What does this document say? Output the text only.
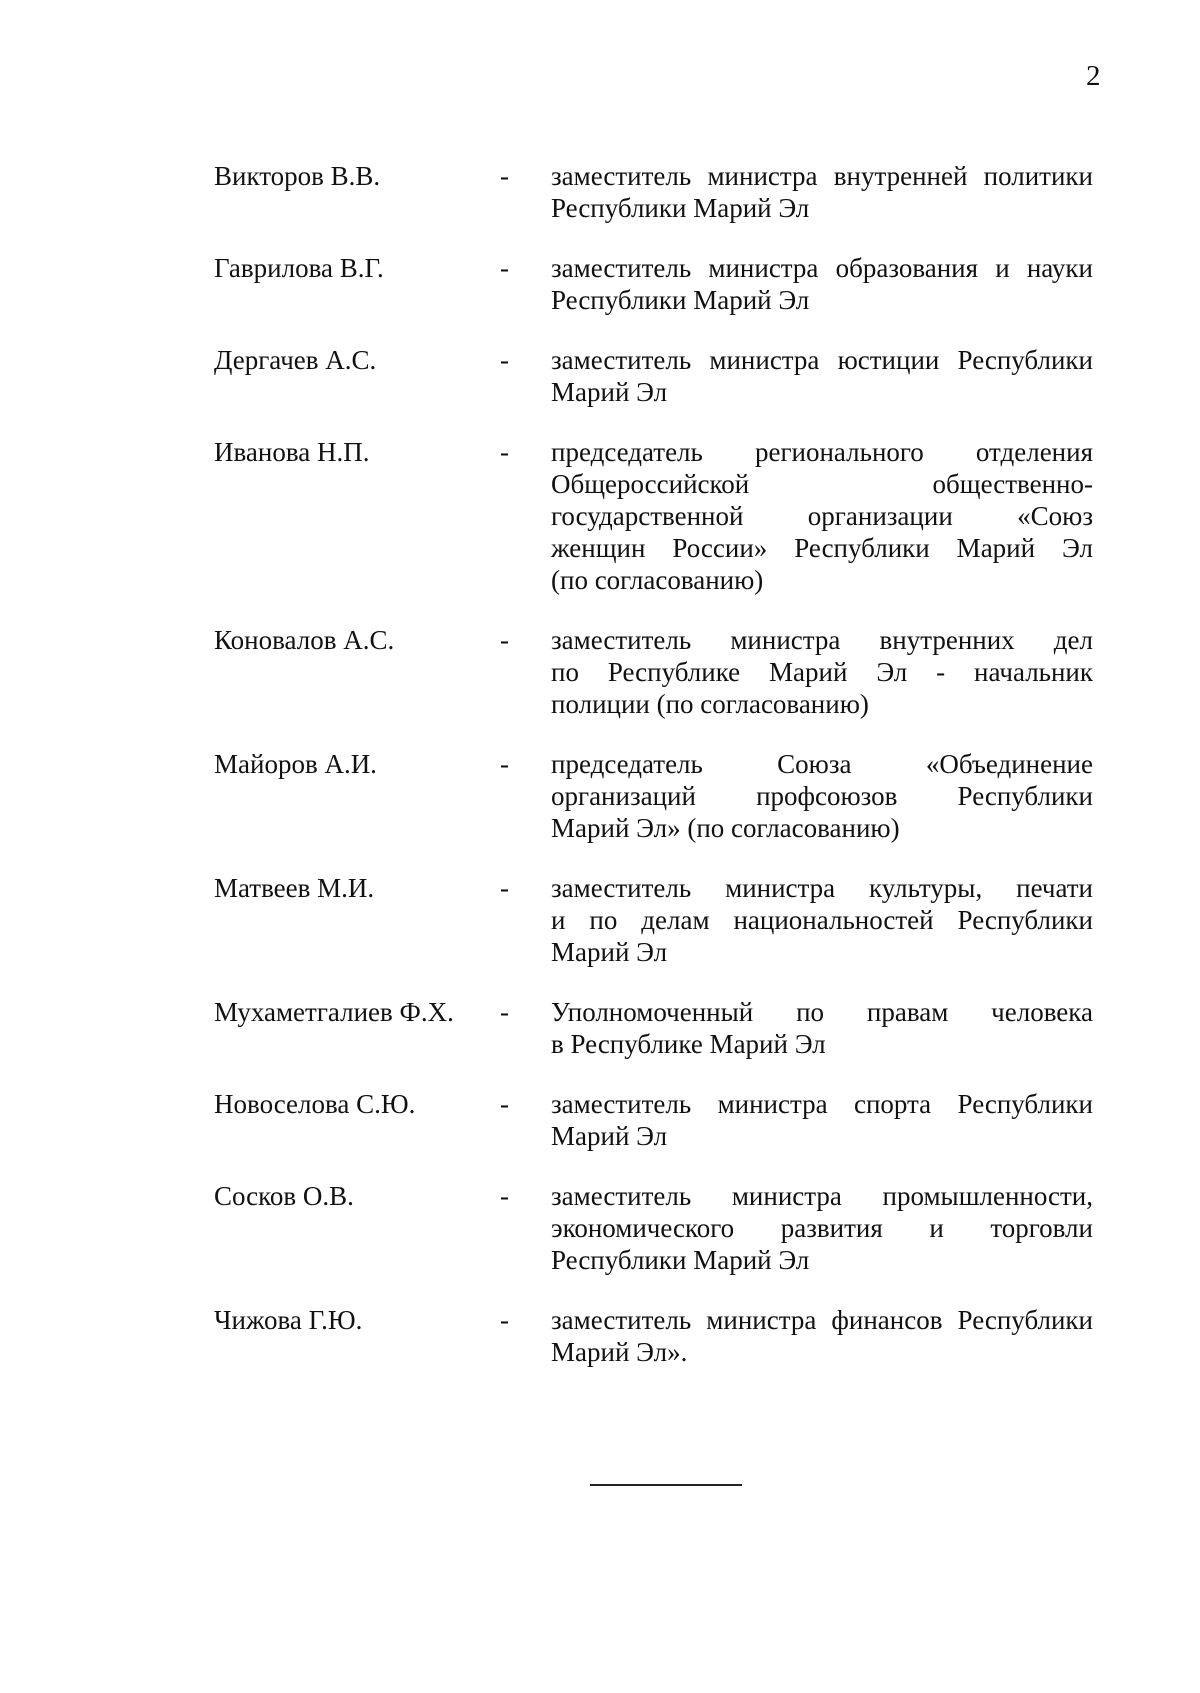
2
Викторов В.В.	- заместитель министра внутренней политики
Республики Марий Эл
Гаврилова В.Г.	- заместитель министра образования и науки
Республики Марий Эл
Дергачев А.С.	- заместитель министра юстиции Республики
Марий Эл
Иванова Н.П.	- председатель регионального отделения
Общероссийской общественно-
государственной организации «Союз
женщин России» Республики Марий Эл
(по согласованию)
Коновалов А.С.	- заместитель министра внутренних дел
по Республике Марий Эл - начальник
полиции (по согласованию)
Майоров А.И.	- председатель Союза «Объединение
организаций профсоюзов Республики
Марий Эл» (по согласованию)
Матвеев М.И.	- заместитель министра культуры, печати
и по делам национальностей Республики
Марий Эл
Мухаметгалиев Ф.Х. - Уполномоченный по правам человека
в Республике Марий Эл
Новоселова С.Ю.	- заместитель министра спорта Республики
Марий Эл
Сосков О.В.	- заместитель министра промышленности,
экономического развития и торговли
Республики Марий Эл
Чижова Г.Ю.	- заместитель министра финансов Республики
Марий Эл».
